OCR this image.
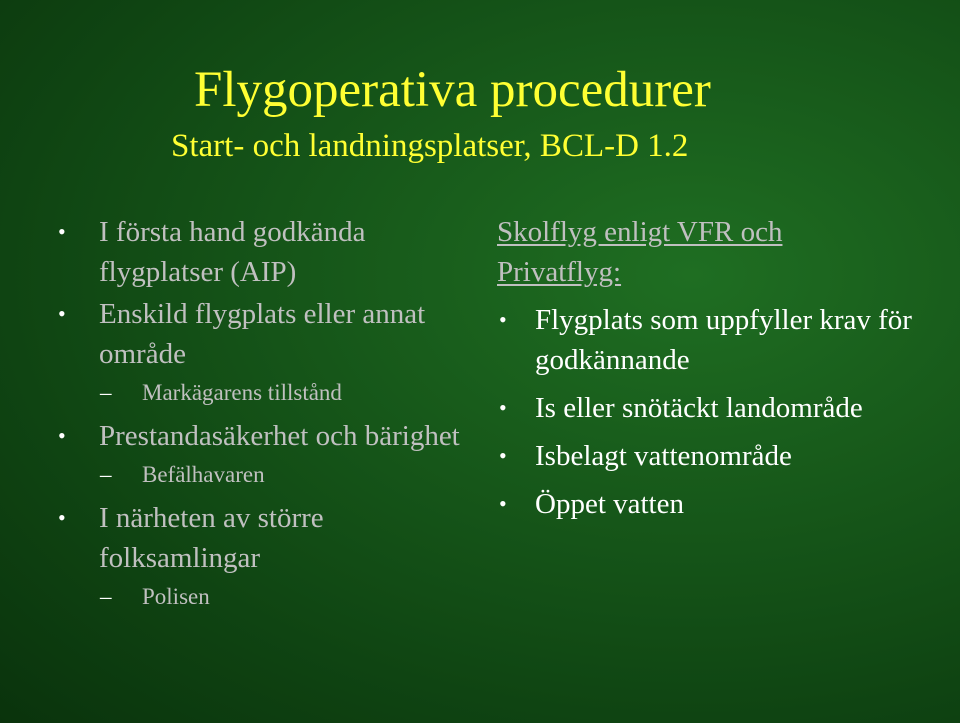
Flygoperativa procedurer
Start- och landningsplatser, BCL-D 1.2
• I första hand godkända flygplatser (AIP)
• Enskild flygplats eller annat område
– Markägarens tillstånd
• Prestandasäkerhet och bärighet
– Befälhavaren
• I närheten av större folksamlingar
– Polisen
Skolflyg enligt VFR och
Privatflyg:
• Flygplats som uppfyller krav för godkännande
• Is eller snötäckt landområde
• Isbelagt vattenområde
• Öppet vatten
